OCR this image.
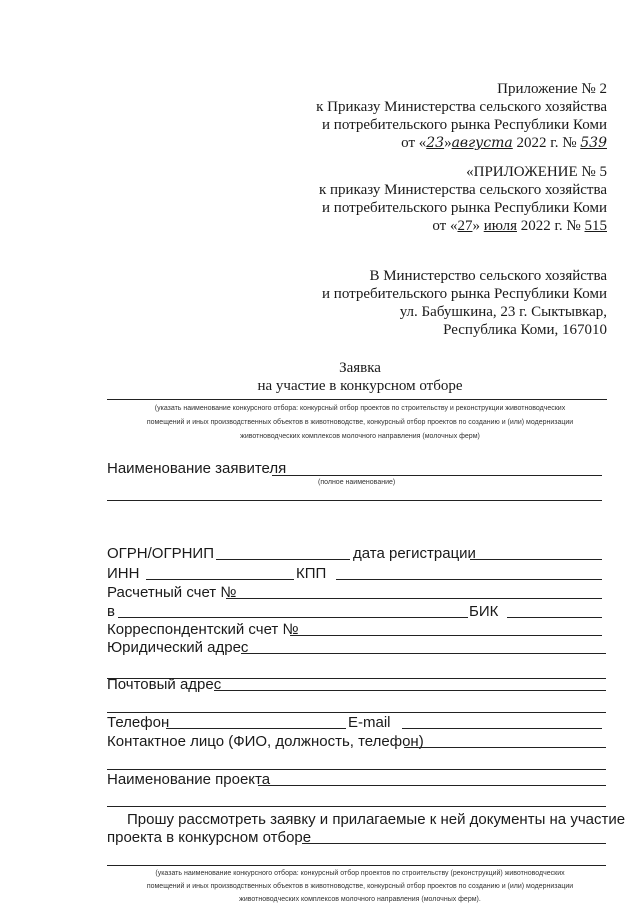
Приложение № 2
к Приказу Министерства сельского хозяйства
и потребительского рынка Республики Коми
от «23»августа 2022 г. № 539
«ПРИЛОЖЕНИЕ № 5
к приказу Министерства сельского хозяйства
и потребительского рынка Республики Коми
от «27» июля 2022 г. № 515
В Министерство сельского хозяйства
и потребительского рынка Республики Коми
ул. Бабушкина, 23 г. Сыктывкар,
Республика Коми, 167010
Заявка
на участие в конкурсном отборе
(указать наименование конкурсного отбора: конкурсный отбор проектов по строительству и реконструкции животноводческих
помещений и иных производственных объектов в животноводстве, конкурсный отбор проектов по созданию и (или) модернизации
животноводческих комплексов молочного направления (молочных ферм)
Наименование заявителя
(полное наименование)
ОГРН/ОГРНИП	дата регистрации
ИНН	КПП
Расчетный счет №
в	БИК
Корреспондентский счет №
Юридический адрес
Почтовый адрес
Телефон	E-mail
Контактное лицо (ФИО, должность, телефон)
Наименование проекта
Прошу рассмотреть заявку и прилагаемые к ней документы на участие
проекта в конкурсном отборе
(указать наименование конкурсного отбора: конкурсный отбор проектов по строительству (реконструкций) животноводческих
помещений и иных производственных объектов в животноводстве, конкурсный отбор проектов по созданию и (или) модернизации
животноводческих комплексов молочного направления (молочных ферм).
